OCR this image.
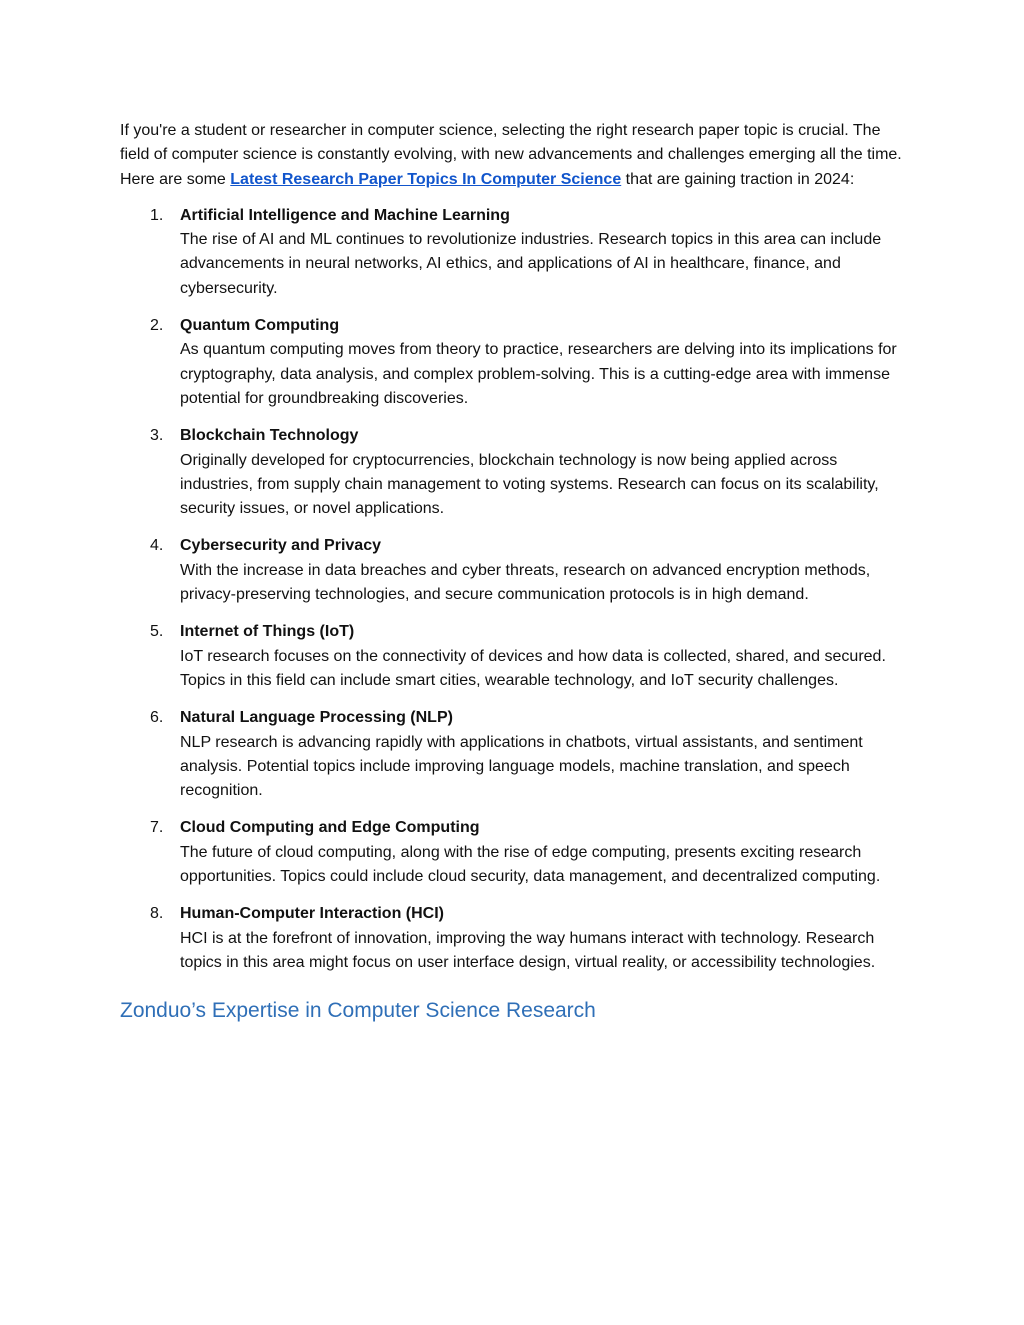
If you're a student or researcher in computer science, selecting the right research paper topic is crucial. The field of computer science is constantly evolving, with new advancements and challenges emerging all the time. Here are some Latest Research Paper Topics In Computer Science that are gaining traction in 2024:

1. Artificial Intelligence and Machine Learning
The rise of AI and ML continues to revolutionize industries. Research topics in this area can include advancements in neural networks, AI ethics, and applications of AI in healthcare, finance, and cybersecurity.
2. Quantum Computing
As quantum computing moves from theory to practice, researchers are delving into its implications for cryptography, data analysis, and complex problem-solving. This is a cutting-edge area with immense potential for groundbreaking discoveries.
3. Blockchain Technology
Originally developed for cryptocurrencies, blockchain technology is now being applied across industries, from supply chain management to voting systems. Research can focus on its scalability, security issues, or novel applications.
4. Cybersecurity and Privacy
With the increase in data breaches and cyber threats, research on advanced encryption methods, privacy-preserving technologies, and secure communication protocols is in high demand.
5. Internet of Things (IoT)
IoT research focuses on the connectivity of devices and how data is collected, shared, and secured. Topics in this field can include smart cities, wearable technology, and IoT security challenges.
6. Natural Language Processing (NLP)
NLP research is advancing rapidly with applications in chatbots, virtual assistants, and sentiment analysis. Potential topics include improving language models, machine translation, and speech recognition.
7. Cloud Computing and Edge Computing
The future of cloud computing, along with the rise of edge computing, presents exciting research opportunities. Topics could include cloud security, data management, and decentralized computing.
8. Human-Computer Interaction (HCI)
HCI is at the forefront of innovation, improving the way humans interact with technology. Research topics in this area might focus on user interface design, virtual reality, or accessibility technologies.
Zonduo’s Expertise in Computer Science Research
